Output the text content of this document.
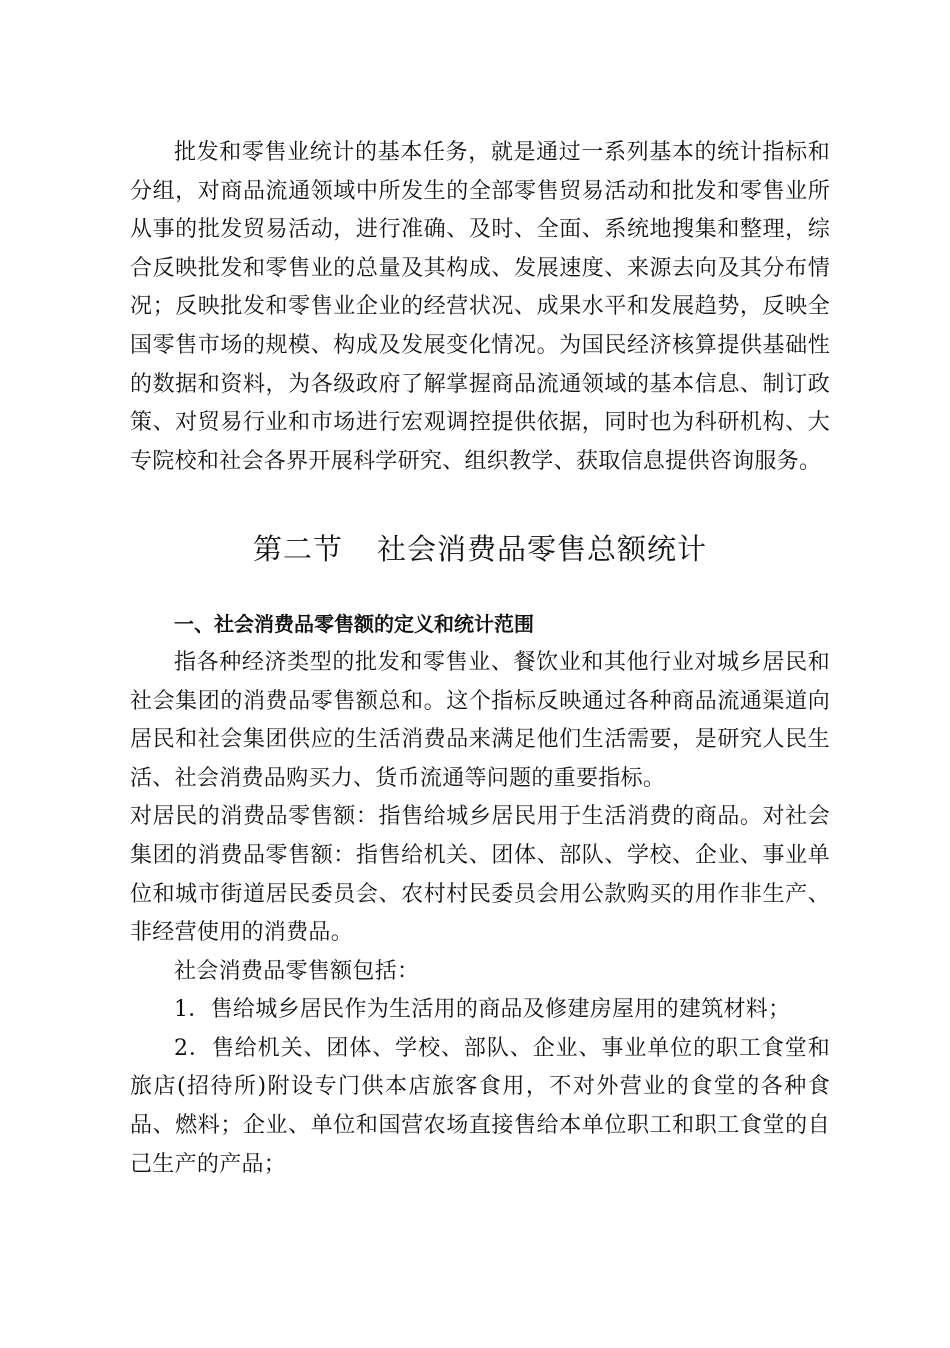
批发和零售业统计的基本任务，就是通过一系列基本的统计指标和分组，对商品流通领域中所发生的全部零售贸易活动和批发和零售业所从事的批发贸易活动，进行准确、及时、全面、系统地搜集和整理，综合反映批发和零售业的总量及其构成、发展速度、来源去向及其分布情况；反映批发和零售业企业的经营状况、成果水平和发展趋势，反映全国零售市场的规模、构成及发展变化情况。为国民经济核算提供基础性的数据和资料，为各级政府了解掌握商品流通领域的基本信息、制订政策、对贸易行业和市场进行宏观调控提供依据，同时也为科研机构、大专院校和社会各界开展科学研究、组织教学、获取信息提供咨询服务。

第二节 社会消费品零售总额统计
一、社会消费品零售额的定义和统计范围

指各种经济类型的批发和零售业、餐饮业和其他行业对城乡居民和社会集团的消费品零售额总和。这个指标反映通过各种商品流通渠道向居民和社会集团供应的生活消费品来满足他们生活需要，是研究人民生活、社会消费品购买力、货币流通等问题的重要指标。

对居民的消费品零售额：指售给城乡居民用于生活消费的商品。对社会集团的消费品零售额：指售给机关、团体、部队、学校、企业、事业单位和城市街道居民委员会、农村村民委员会用公款购买的用作非生产、非经营使用的消费品。

社会消费品零售额包括：

1．售给城乡居民作为生活用的商品及修建房屋用的建筑材料；

2．售给机关、团体、学校、部队、企业、事业单位的职工食堂和旅店(招待所)附设专门供本店旅客食用，不对外营业的食堂的各种食品、燃料；企业、单位和国营农场直接售给本单位职工和职工食堂的自己生产的产品；
